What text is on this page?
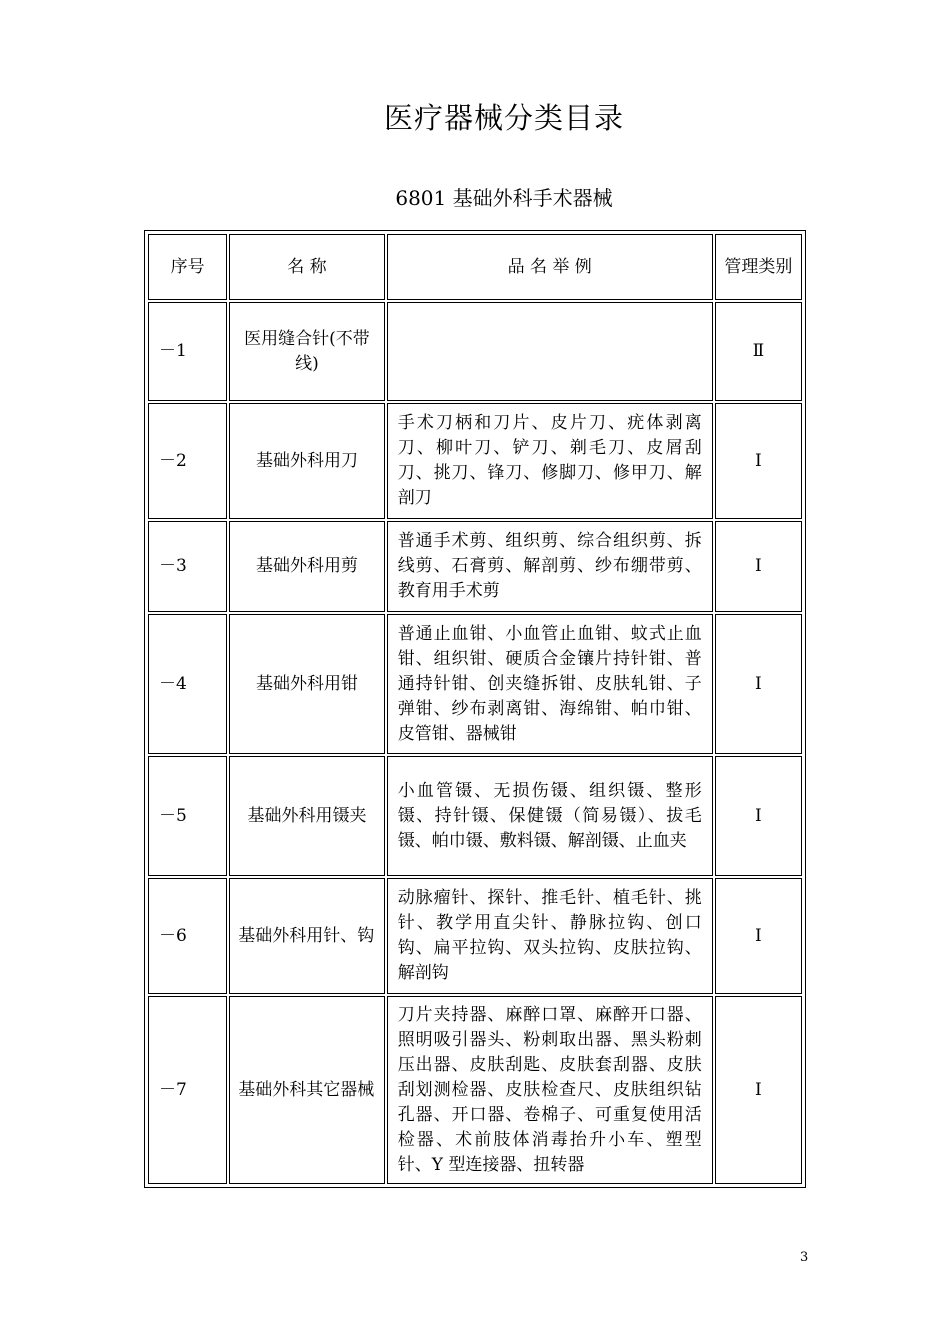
医疗器械分类目录
6801 基础外科手术器械
序号	名 称	品 名 举 例	管理类别
－1	医用缝合针(不带线)		Ⅱ
－2	基础外科用刀	手术刀柄和刀片、皮片刀、疣体剥离刀、柳叶刀、铲刀、剃毛刀、皮屑刮刀、挑刀、锋刀、修脚刀、修甲刀、解剖刀	Ⅰ
－3	基础外科用剪	普通手术剪、组织剪、综合组织剪、拆线剪、石膏剪、解剖剪、纱布绷带剪、教育用手术剪	Ⅰ
－4	基础外科用钳	普通止血钳、小血管止血钳、蚊式止血钳、组织钳、硬质合金镶片持针钳、普通持针钳、创夹缝拆钳、皮肤轧钳、子弹钳、纱布剥离钳、海绵钳、帕巾钳、皮管钳、器械钳	Ⅰ
－5	基础外科用镊夹	小血管镊、无损伤镊、组织镊、整形镊、持针镊、保健镊（简易镊）、拔毛镊、帕巾镊、敷料镊、解剖镊、止血夹	Ⅰ
－6	基础外科用针、钩	动脉瘤针、探针、推毛针、植毛针、挑针、教学用直尖针、静脉拉钩、创口钩、扁平拉钩、双头拉钩、皮肤拉钩、解剖钩	Ⅰ
－7	基础外科其它器械	刀片夹持器、麻醉口罩、麻醉开口器、照明吸引器头、粉刺取出器、黑头粉刺压出器、皮肤刮匙、皮肤套刮器、皮肤刮划测检器、皮肤检查尺、皮肤组织钻孔器、开口器、卷棉子、可重复使用活检器、术前肢体消毒抬升小车、塑型针、Y 型连接器、扭转器	Ⅰ
3
